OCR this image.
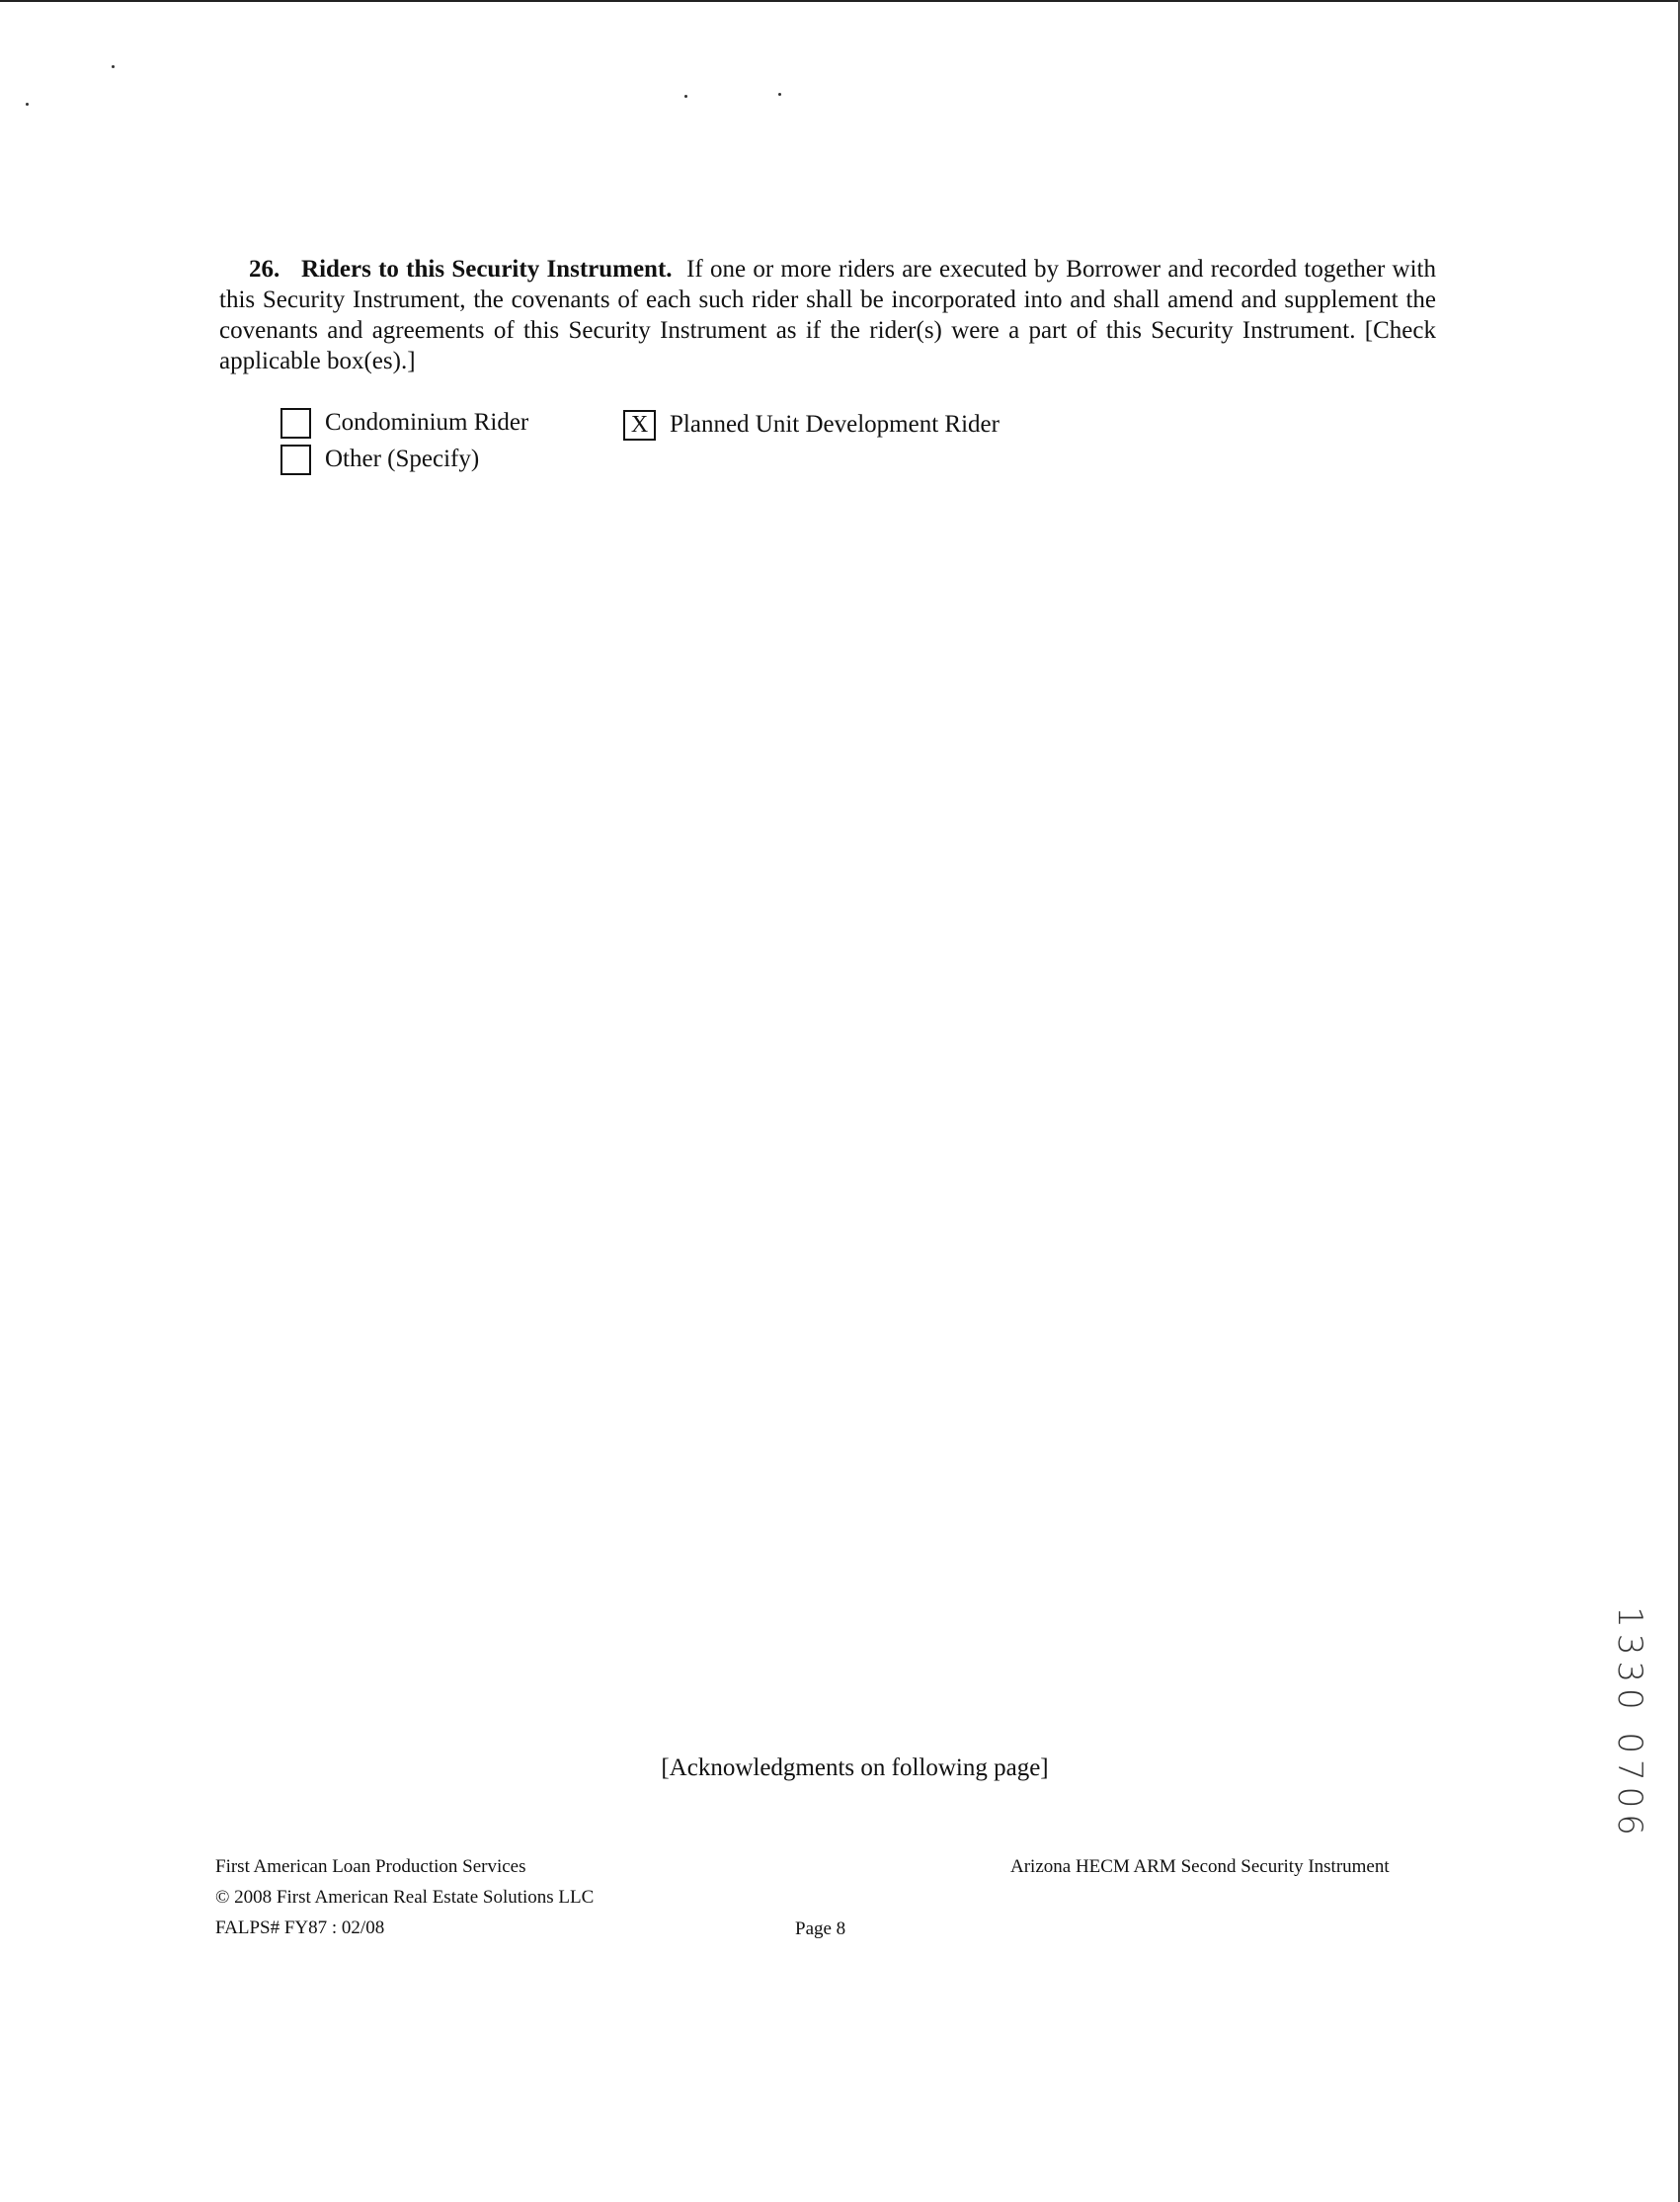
26. Riders to this Security Instrument. If one or more riders are executed by Borrower and recorded together with this Security Instrument, the covenants of each such rider shall be incorporated into and shall amend and supplement the covenants and agreements of this Security Instrument as if the rider(s) were a part of this Security Instrument. [Check applicable box(es).]

Condominium Rider	X Planned Unit Development Rider
Other (Specify)
[Acknowledgments on following page]
First American Loan Production Services
© 2008 First American Real Estate Solutions LLC
FALPS# FY87 : 02/08	Page 8
Arizona HECM ARM Second Security Instrument
1330 0706
